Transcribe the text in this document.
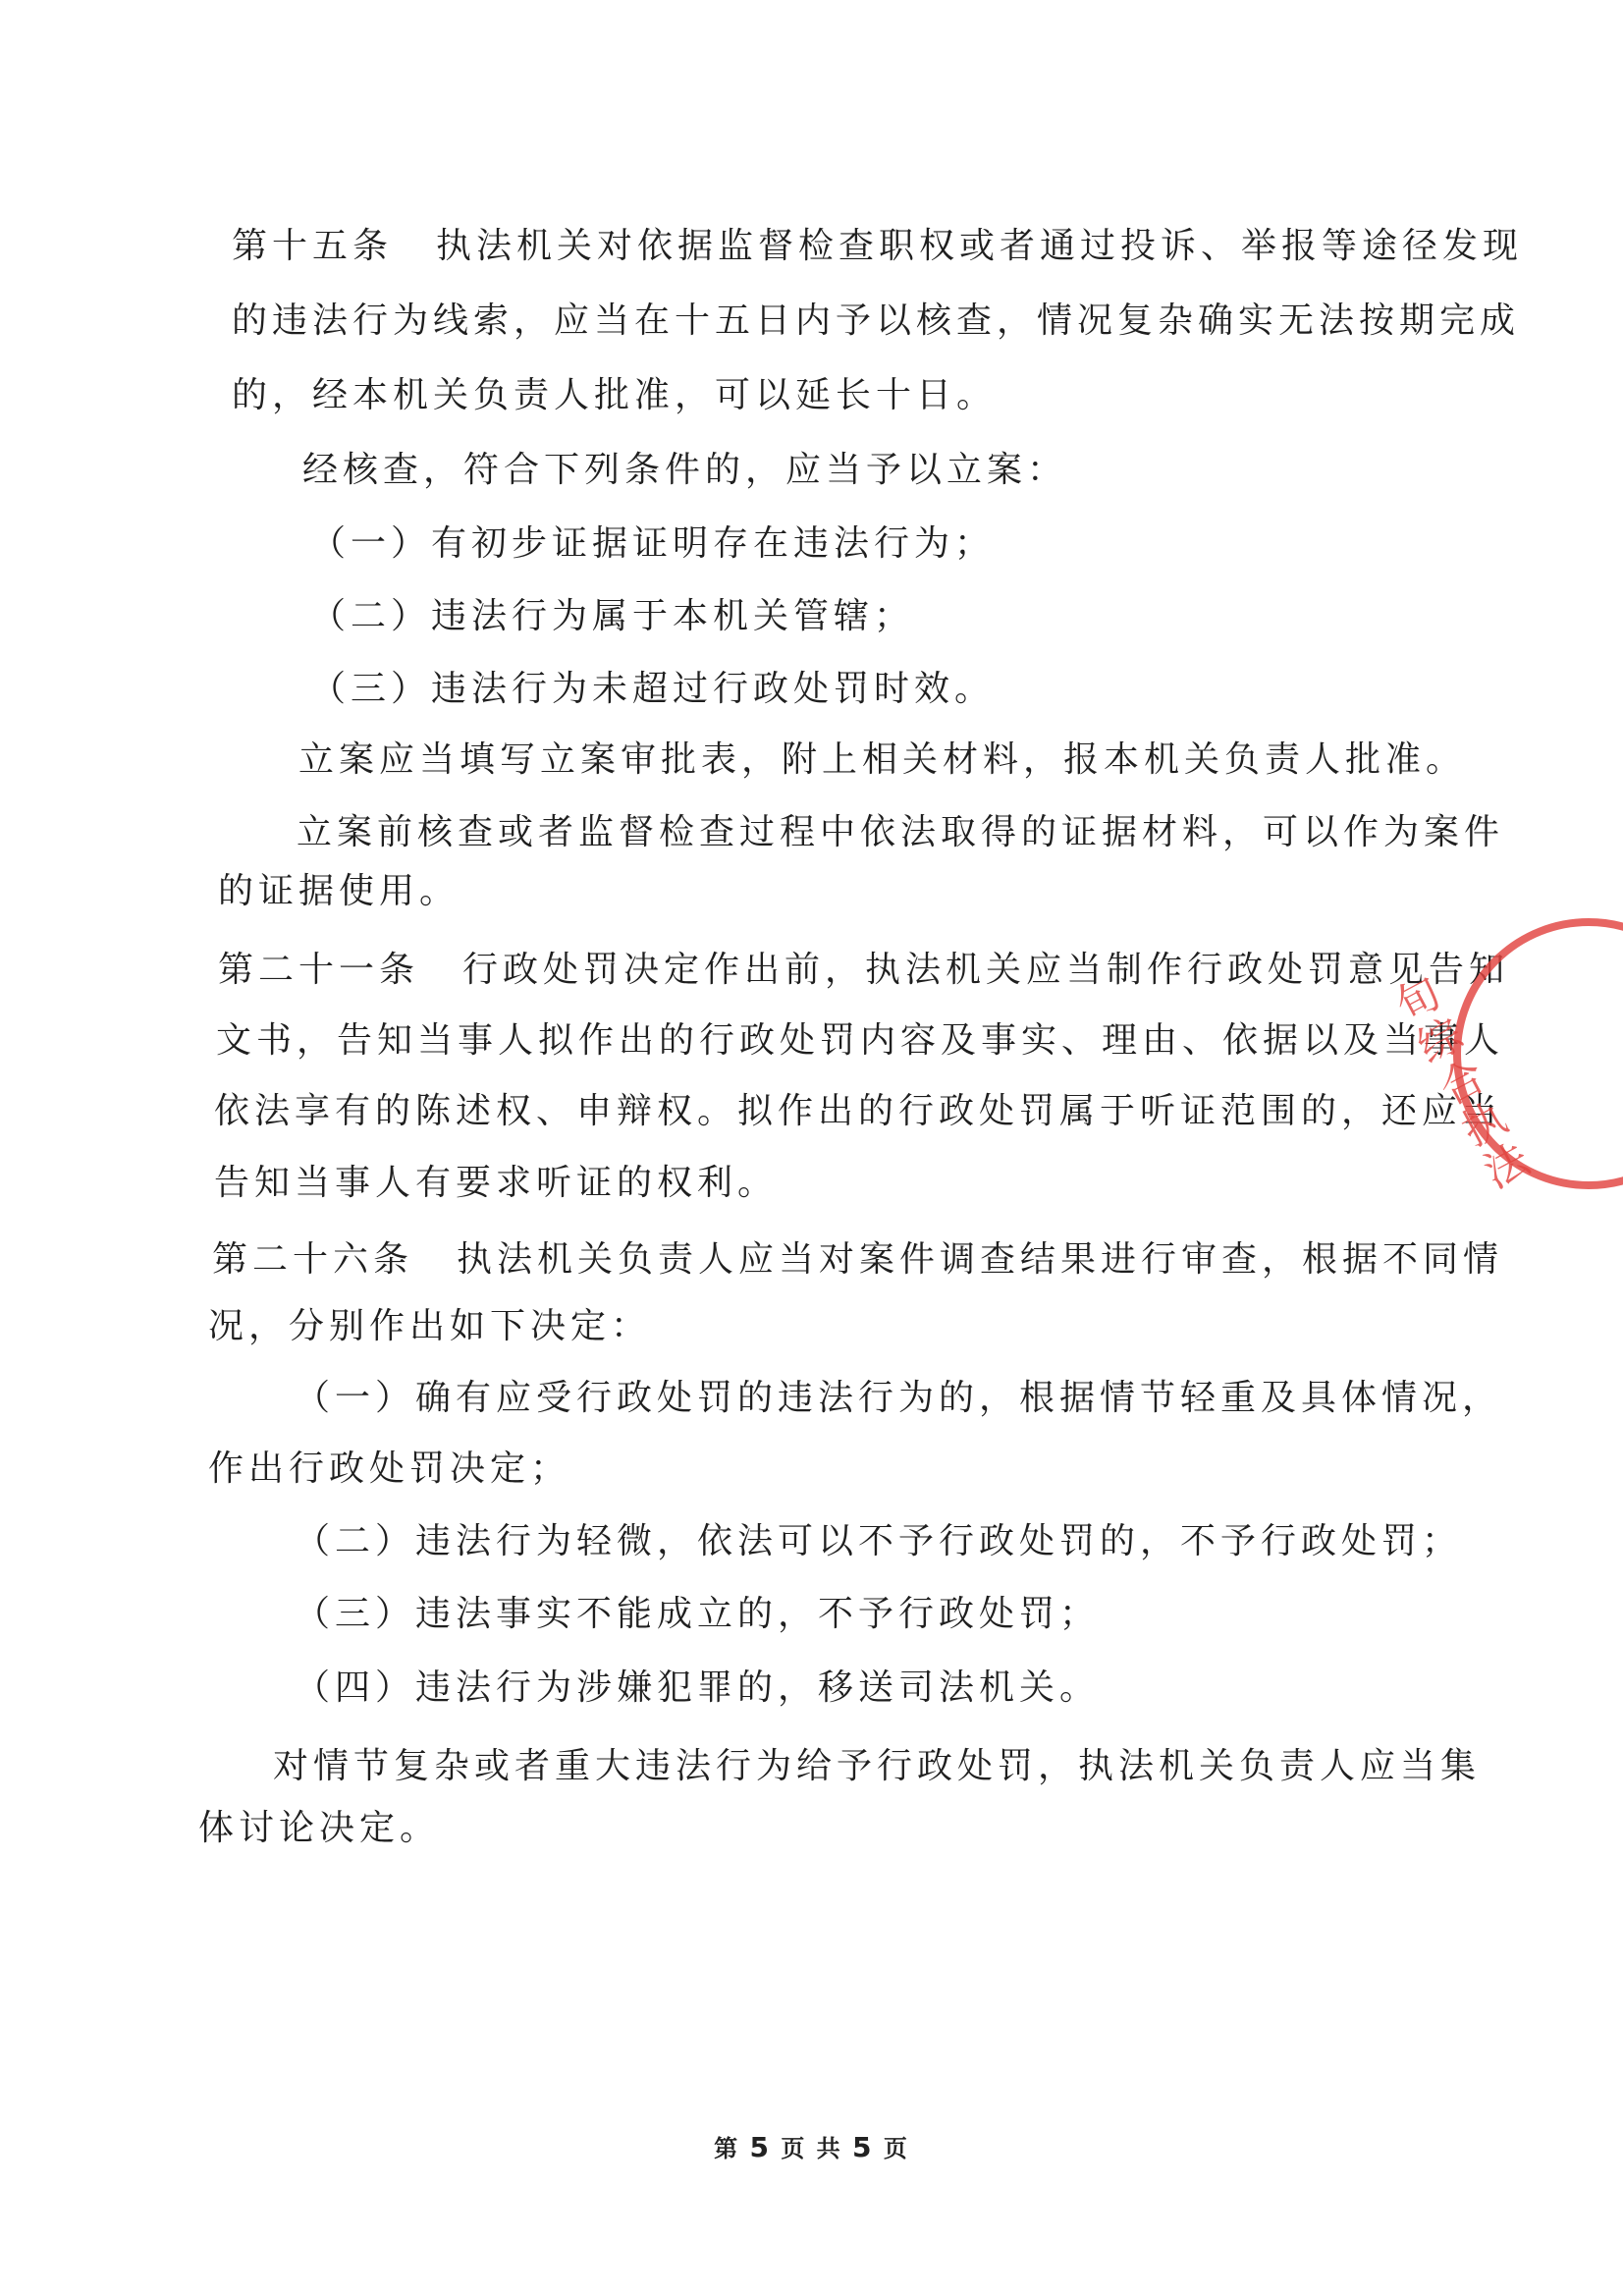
第十五条 执法机关对依据监督检查职权或者通过投诉、举报等途径发现
的违法行为线索，应当在十五日内予以核查，情况复杂确实无法按期完成
的，经本机关负责人批准，可以延长十日。
经核查，符合下列条件的，应当予以立案：
（一）有初步证据证明存在违法行为；
（二）违法行为属于本机关管辖；
（三）违法行为未超过行政处罚时效。
立案应当填写立案审批表，附上相关材料，报本机关负责人批准。
立案前核查或者监督检查过程中依法取得的证据材料，可以作为案件
的证据使用。
第二十一条 行政处罚决定作出前，执法机关应当制作行政处罚意见告知
文书，告知当事人拟作出的行政处罚内容及事实、理由、依据以及当事人
依法享有的陈述权、申辩权。拟作出的行政处罚属于听证范围的，还应当
告知当事人有要求听证的权利。
第二十六条 执法机关负责人应当对案件调查结果进行审查，根据不同情
况，分别作出如下决定：
（一）确有应受行政处罚的违法行为的，根据情节轻重及具体情况，
作出行政处罚决定；
（二）违法行为轻微，依法可以不予行政处罚的，不予行政处罚；
（三）违法事实不能成立的，不予行政处罚；
（四）违法行为涉嫌犯罪的，移送司法机关。
对情节复杂或者重大违法行为给予行政处罚，执法机关负责人应当集
体讨论决定。
旬综合执法
第 5 页 共 5 页
